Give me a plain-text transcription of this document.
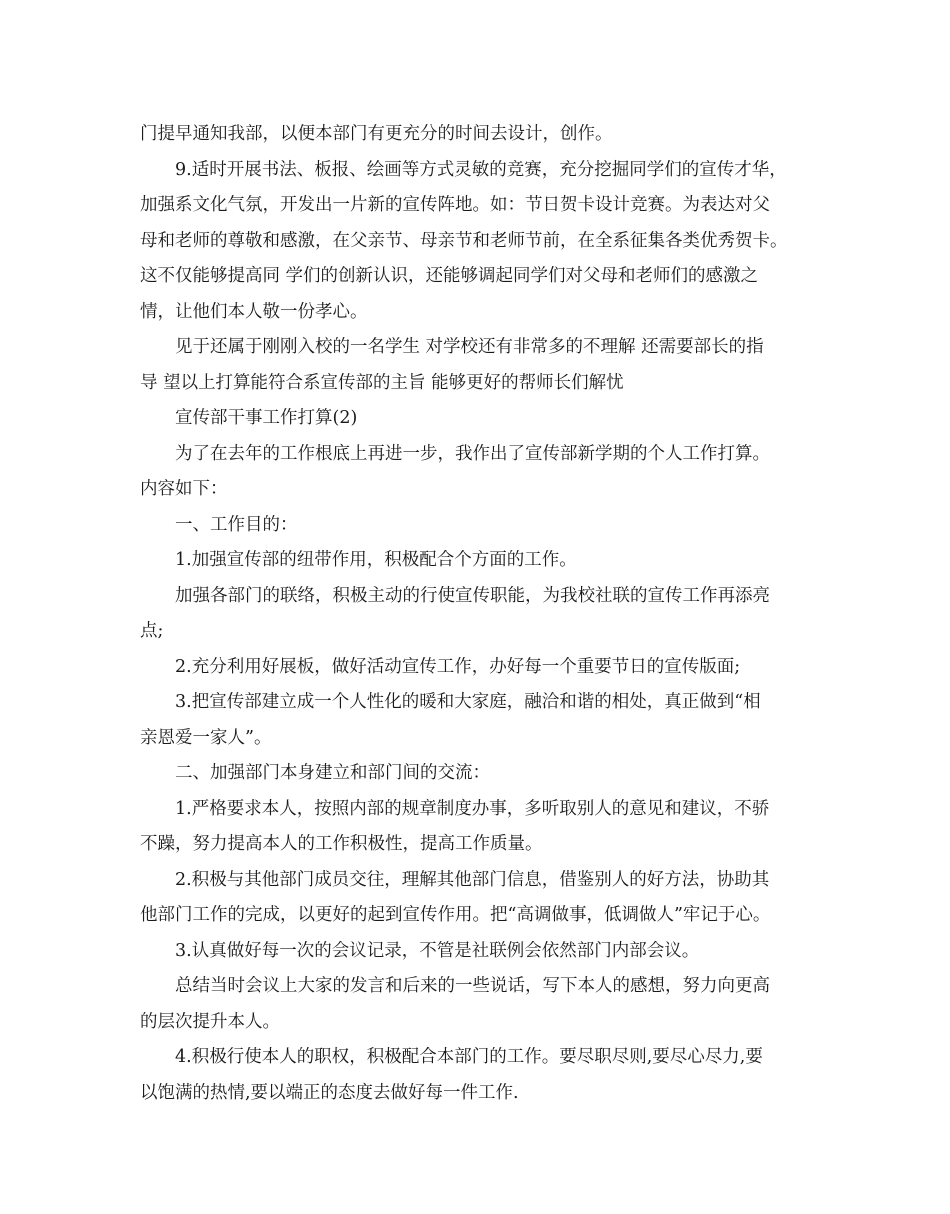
门提早通知我部，以便本部门有更充分的时间去设计，创作。
9.适时开展书法、板报、绘画等方式灵敏的竞赛，充分挖掘同学们的宣传才华，
加强系文化气氛，开发出一片新的宣传阵地。如：节日贺卡设计竞赛。为表达对父
母和老师的尊敬和感激，在父亲节、母亲节和老师节前，在全系征集各类优秀贺卡。
这不仅能够提高同 学们的创新认识，还能够调起同学们对父母和老师们的感激之
情，让他们本人敬一份孝心。
见于还属于刚刚入校的一名学生 对学校还有非常多的不理解 还需要部长的指
导 望以上打算能符合系宣传部的主旨 能够更好的帮师长们解忧
宣传部干事工作打算(2)
为了在去年的工作根底上再进一步，我作出了宣传部新学期的个人工作打算。
内容如下：
一、工作目的：
1.加强宣传部的纽带作用，积极配合个方面的工作。
加强各部门的联络，积极主动的行使宣传职能，为我校社联的宣传工作再添亮
点;
2.充分利用好展板，做好活动宣传工作，办好每一个重要节日的宣传版面;
3.把宣传部建立成一个人性化的暖和大家庭，融洽和谐的相处，真正做到“相
亲恩爱一家人”。
二、加强部门本身建立和部门间的交流：
1.严格要求本人，按照内部的规章制度办事，多听取别人的意见和建议，不骄
不躁，努力提高本人的工作积极性，提高工作质量。
2.积极与其他部门成员交往，理解其他部门信息，借鉴别人的好方法，协助其
他部门工作的完成，以更好的起到宣传作用。把“高调做事，低调做人”牢记于心。
3.认真做好每一次的会议记录，不管是社联例会依然部门内部会议。
总结当时会议上大家的发言和后来的一些说话，写下本人的感想，努力向更高
的层次提升本人。
4.积极行使本人的职权，积极配合本部门的工作。要尽职尽则,要尽心尽力,要
以饱满的热情,要以端正的态度去做好每一件工作.
